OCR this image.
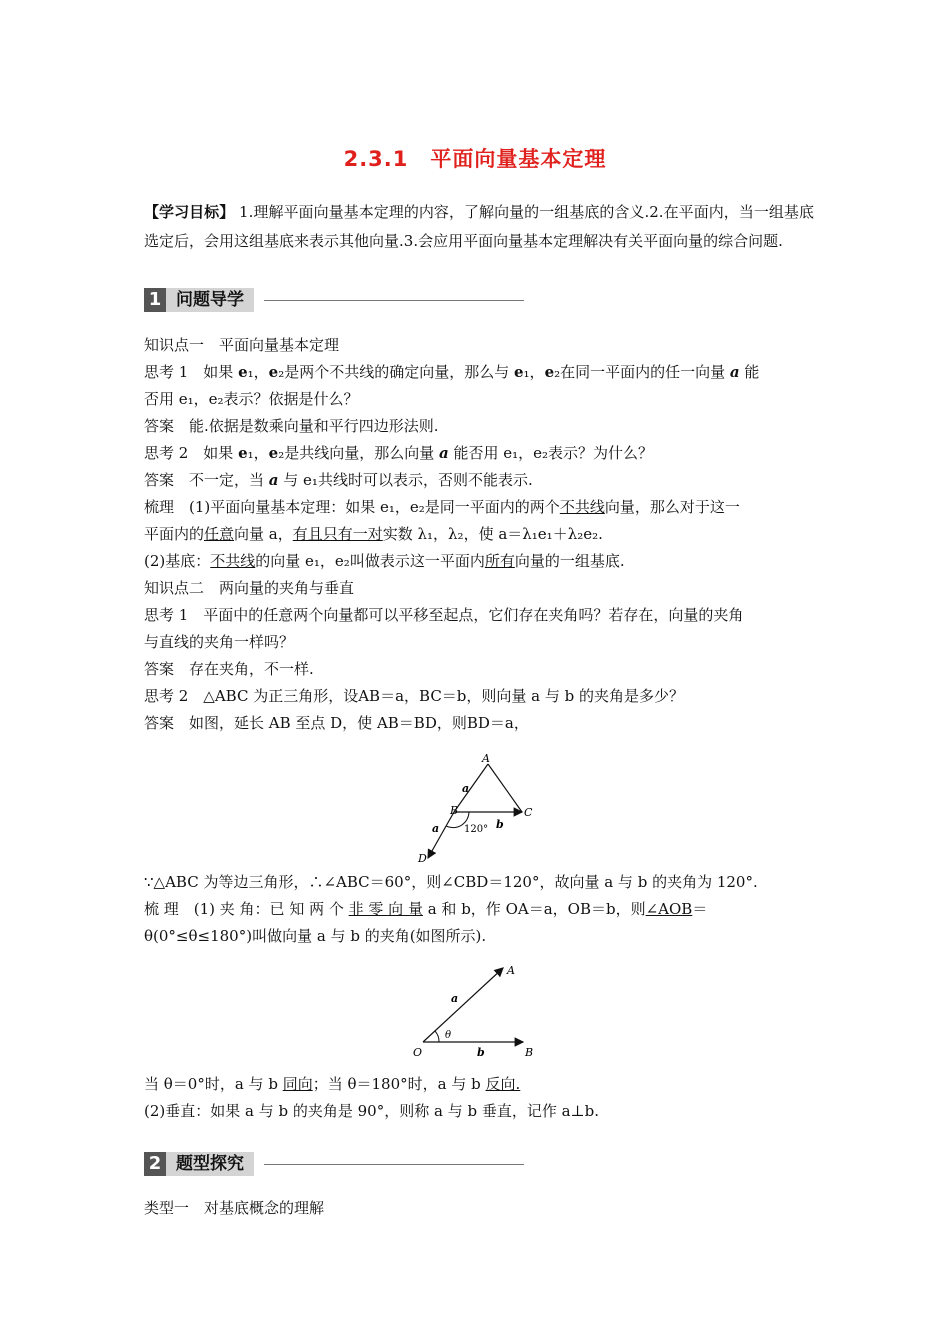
2.3.1　平面向量基本定理
【学习目标】 1.理解平面向量基本定理的内容，了解向量的一组基底的含义.2.在平面内，当一组基底选定后，会用这组基底来表示其他向量.3.会应用平面向量基本定理解决有关平面向量的综合问题.
1 问题导学
知识点一　平面向量基本定理
思考 1　如果 e₁，e₂是两个不共线的确定向量，那么与 e₁，e₂在同一平面内的任一向量 a 能
否用 e₁，e₂表示？依据是什么？
答案　能.依据是数乘向量和平行四边形法则.
思考 2　如果 e₁，e₂是共线向量，那么向量 a 能否用 e₁，e₂表示？为什么？
答案　不一定，当 a 与 e₁共线时可以表示，否则不能表示.
梳理　(1)平面向量基本定理：如果 e₁，e₂是同一平面内的两个不共线向量，那么对于这一
平面内的任意向量 a，有且只有一对实数 λ₁，λ₂，使 a＝λ₁e₁＋λ₂e₂.
(2)基底：不共线的向量 e₁，e₂叫做表示这一平面内所有向量的一组基底.
知识点二　两向量的夹角与垂直
思考 1　平面中的任意两个向量都可以平移至起点，它们存在夹角吗？若存在，向量的夹角
与直线的夹角一样吗？
答案　存在夹角，不一样.
思考 2　△ABC 为正三角形，设AB＝a，BC＝b，则向量 a 与 b 的夹角是多少？
答案　如图，延长 AB 至点 D，使 AB＝BD，则BD＝a，
A
B	C
D
a
a	b
120°
∵△ABC 为等边三角形，∴∠ABC＝60°，则∠CBD＝120°，故向量 a 与 b 的夹角为 120°.
梳 理　(1) 夹 角：已 知 两 个 非 零 向 量 a 和 b，作 OA＝a，OB＝b，则∠AOB＝
θ(0°≤θ≤180°)叫做向量 a 与 b 的夹角(如图所示).
O
A
B
a
b
θ
当 θ＝0°时，a 与 b 同向；当 θ＝180°时，a 与 b 反向.
(2)垂直：如果 a 与 b 的夹角是 90°，则称 a 与 b 垂直，记作 a⊥b.
2 题型探究
类型一　对基底概念的理解
